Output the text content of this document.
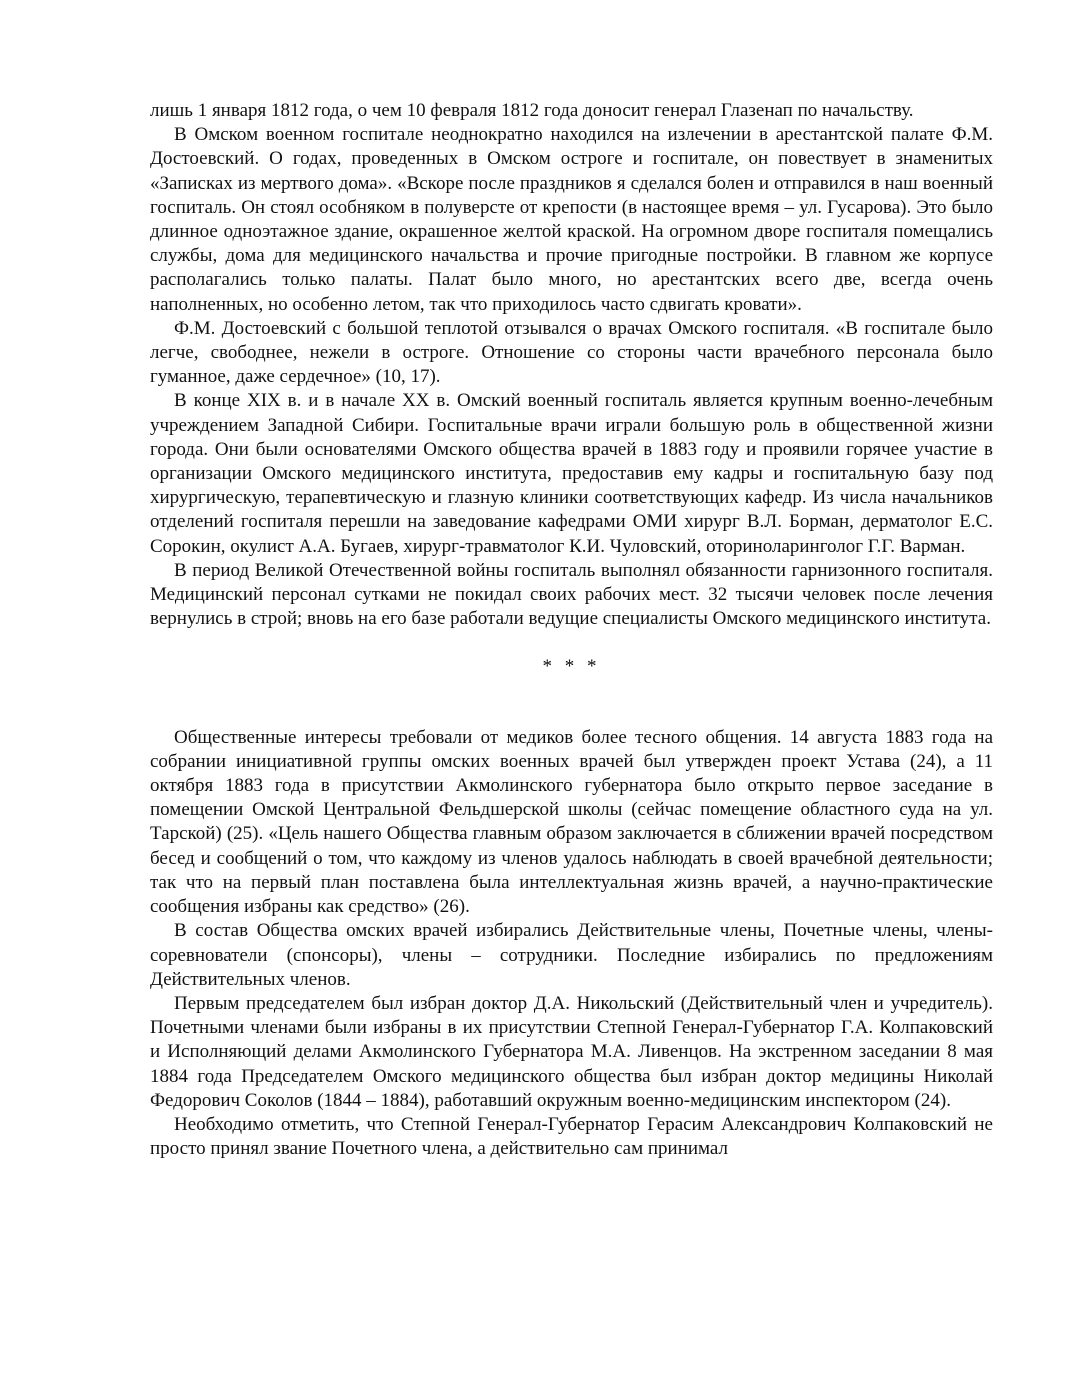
лишь 1 января 1812 года, о чем 10 февраля 1812 года доносит генерал Глазенап по начальству.

В Омском военном госпитале неоднократно находился на излечении в арестантской палате Ф.М. Достоевский. О годах, проведенных в Омском остроге и госпитале, он повествует в знаменитых «Записках из мертвого дома». «Вскоре после праздников я сделался болен и отправился в наш военный госпиталь. Он стоял особняком в полуверсте от крепости (в настоящее время – ул. Гусарова). Это было длинное одноэтажное здание, окрашенное желтой краской. На огромном дворе госпиталя помещались службы, дома для медицинского начальства и прочие пригодные постройки. В главном же корпусе располагались только палаты. Палат было много, но арестантских всего две, всегда очень наполненных, но особенно летом, так что приходилось часто сдвигать кровати».

Ф.М. Достоевский с большой теплотой отзывался о врачах Омского госпиталя. «В госпитале было легче, свободнее, нежели в остроге. Отношение со стороны части врачебного персонала было гуманное, даже сердечное» (10, 17).

В конце XIX в. и в начале XX в. Омский военный госпиталь является крупным военно-лечебным учреждением Западной Сибири. Госпитальные врачи играли большую роль в общественной жизни города. Они были основателями Омского общества врачей в 1883 году и проявили горячее участие в организации Омского медицинского института, предоставив ему кадры и госпитальную базу под хирургическую, терапевтическую и глазную клиники соответствующих кафедр. Из числа начальников отделений госпиталя перешли на заведование кафедрами ОМИ хирург В.Л. Борман, дерматолог Е.С. Сорокин, окулист А.А. Бугаев, хирург-травматолог К.И. Чуловский, оториноларинголог Г.Г. Варман.

В период Великой Отечественной войны госпиталь выполнял обязанности гарнизонного госпиталя. Медицинский персонал сутками не покидал своих рабочих мест. 32 тысячи человек после лечения вернулись в строй; вновь на его базе работали ведущие специалисты Омского медицинского института.

* * *

Общественные интересы требовали от медиков более тесного общения. 14 августа 1883 года на собрании инициативной группы омских военных врачей был утвержден проект Устава (24), а 11 октября 1883 года в присутствии Акмолинского губернатора было открыто первое заседание в помещении Омской Центральной Фельдшерской школы (сейчас помещение областного суда на ул. Тарской) (25). «Цель нашего Общества главным образом заключается в сближении врачей посредством бесед и сообщений о том, что каждому из членов удалось наблюдать в своей врачебной деятельности; так что на первый план поставлена была интеллектуальная жизнь врачей, а научно-практические сообщения избраны как средство» (26).

В состав Общества омских врачей избирались Действительные члены, Почетные члены, члены-соревнователи (спонсоры), члены – сотрудники. Последние избирались по предложениям Действительных членов.

Первым председателем был избран доктор Д.А. Никольский (Действительный член и учредитель). Почетными членами были избраны в их присутствии Степной Генерал-Губернатор Г.А. Колпаковский и Исполняющий делами Акмолинского Губернатора М.А. Ливенцов. На экстренном заседании 8 мая 1884 года Председателем Омского медицинского общества был избран доктор медицины Николай Федорович Соколов (1844 – 1884), работавший окружным военно-медицинским инспектором (24).

Необходимо отметить, что Степной Генерал-Губернатор Герасим Александрович Колпаковский не просто принял звание Почетного члена, а действительно сам принимал
